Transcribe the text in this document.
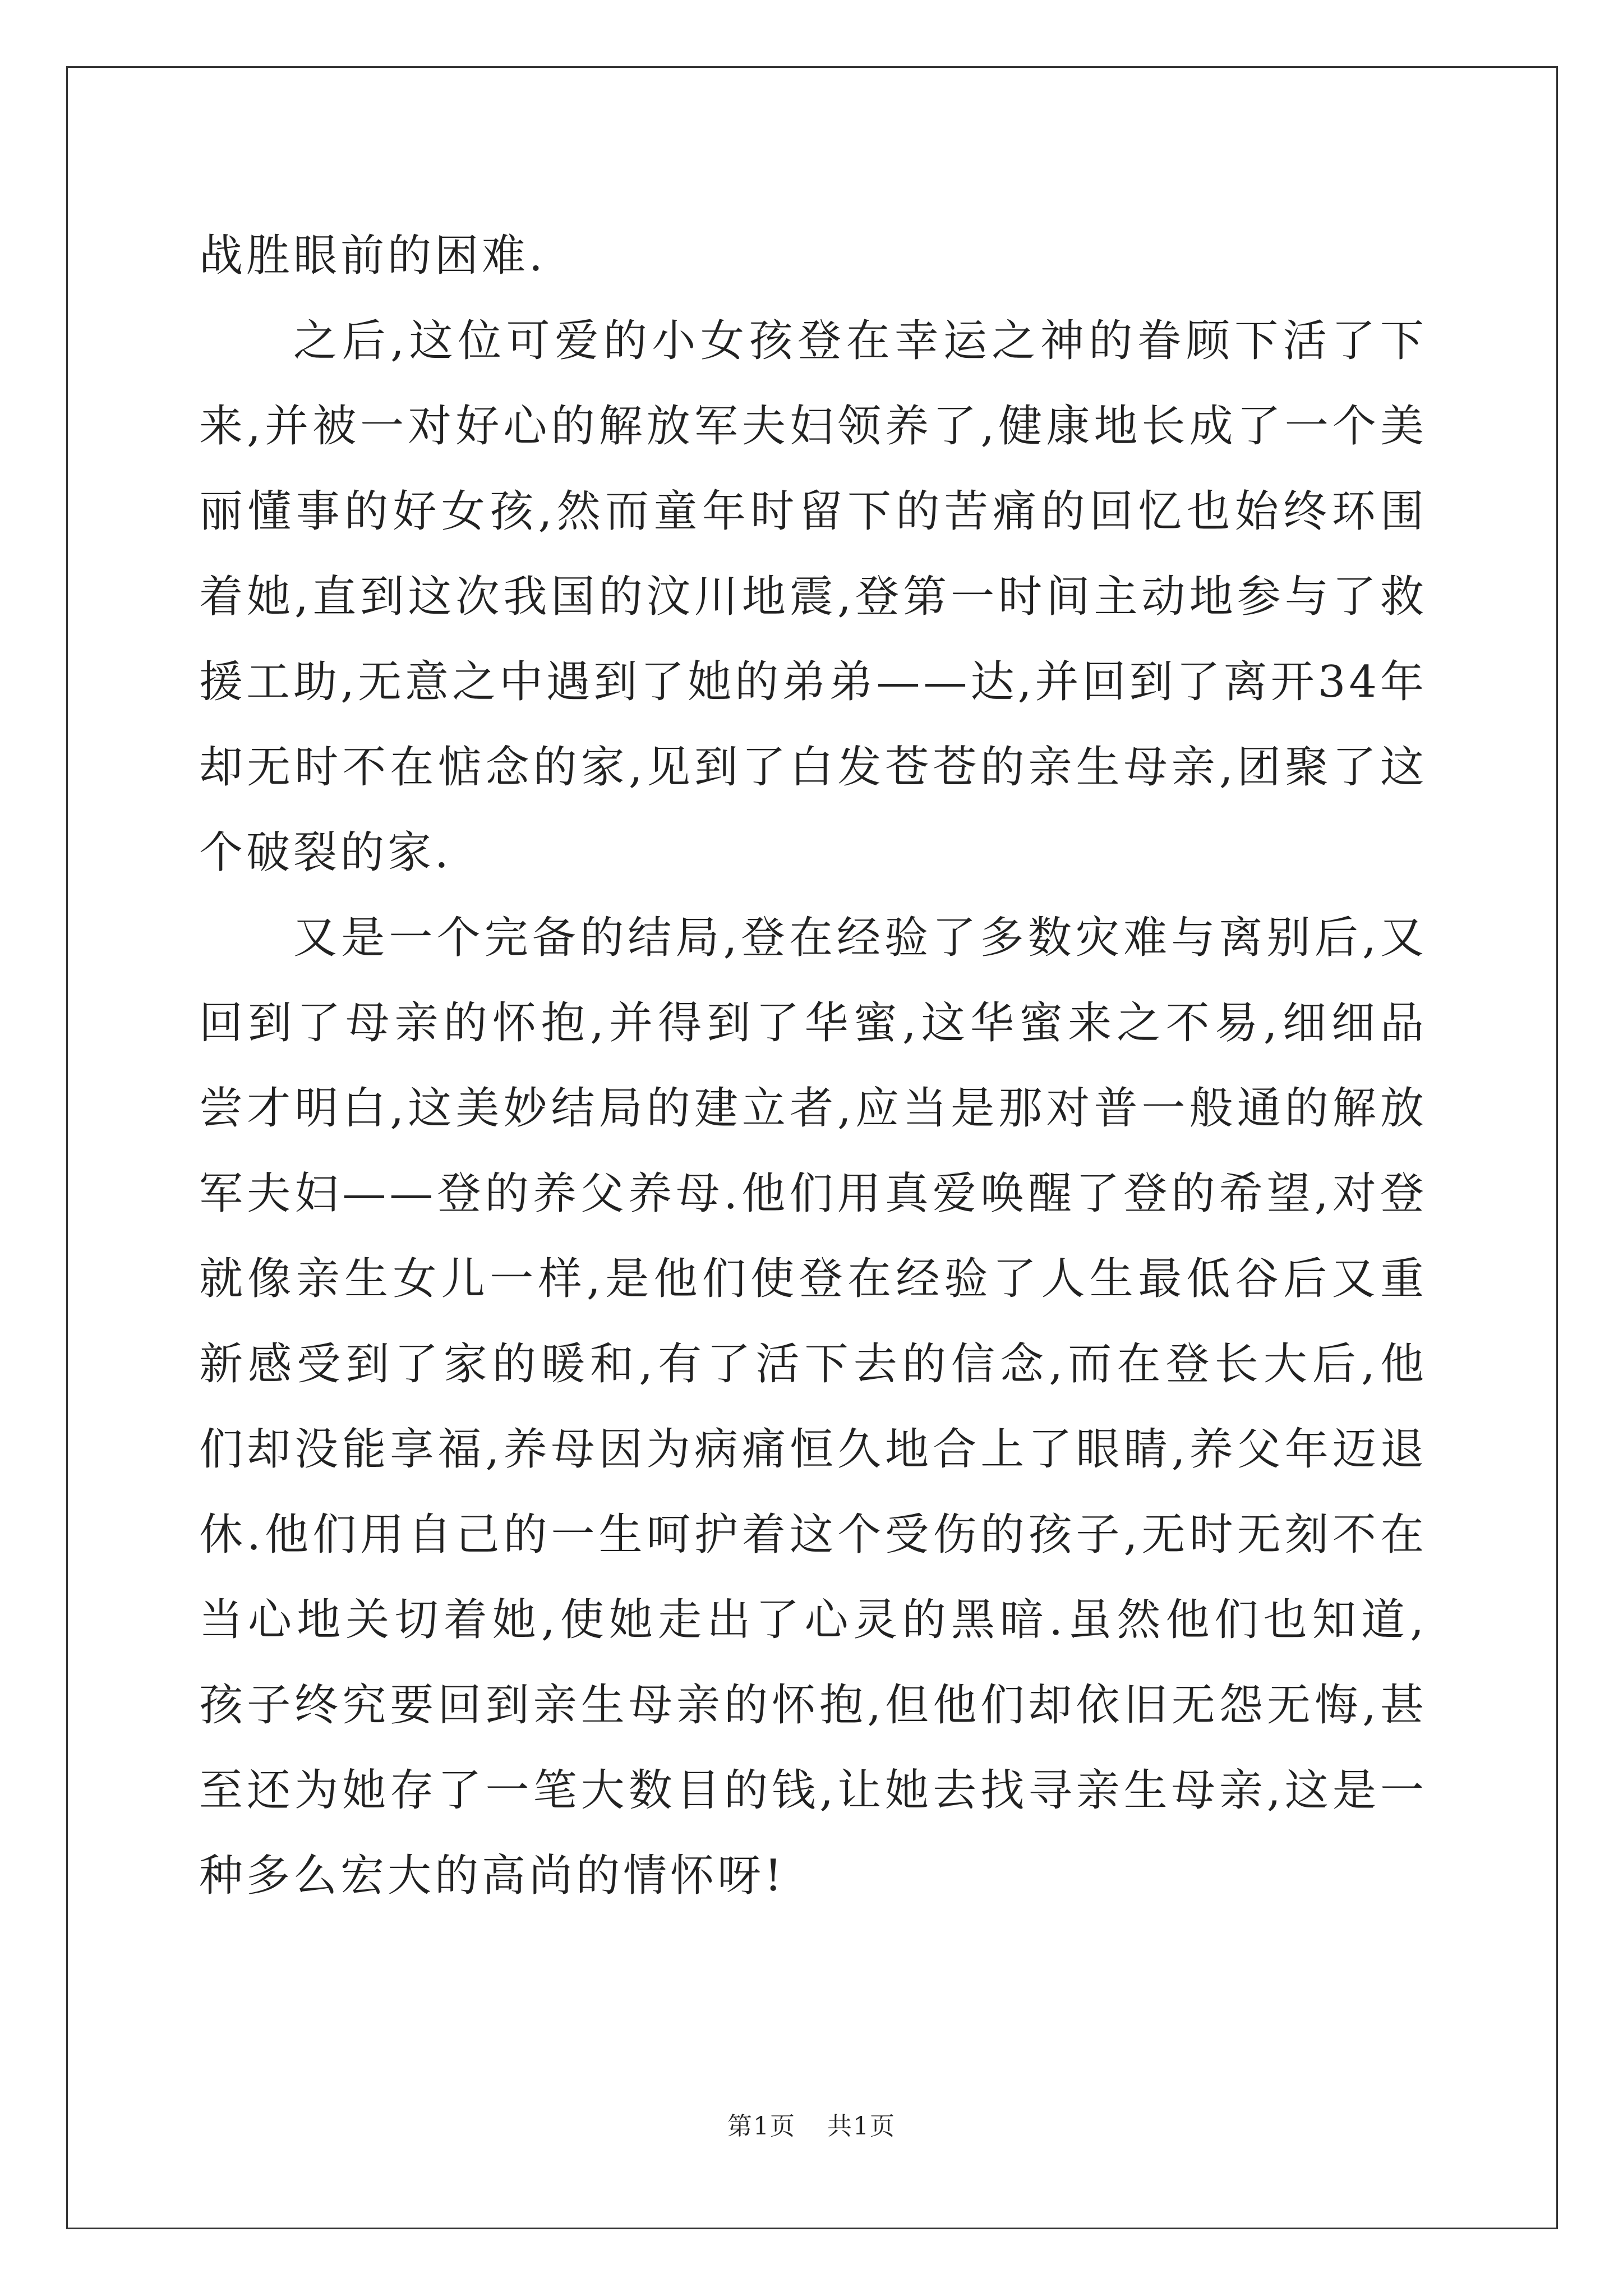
战胜眼前的困难.

之后,这位可爱的小女孩登在幸运之神的眷顾下活了下来,并被一对好心的解放军夫妇领养了,健康地长成了一个美丽懂事的好女孩,然而童年时留下的苦痛的回忆也始终环围着她,直到这次我国的汶川地震,登第一时间主动地参与了救援工助,无意之中遇到了她的弟弟——达,并回到了离开34年却无时不在惦念的家,见到了白发苍苍的亲生母亲,团聚了这个破裂的家.

又是一个完备的结局,登在经验了多数灾难与离别后,又回到了母亲的怀抱,并得到了华蜜,这华蜜来之不易,细细品尝才明白,这美妙结局的建立者,应当是那对普一般通的解放军夫妇——登的养父养母.他们用真爱唤醒了登的希望,对登就像亲生女儿一样,是他们使登在经验了人生最低谷后又重新感受到了家的暖和,有了活下去的信念,而在登长大后,他们却没能享福,养母因为病痛恒久地合上了眼睛,养父年迈退休.他们用自己的一生呵护着这个受伤的孩子,无时无刻不在当心地关切着她,使她走出了心灵的黑暗.虽然他们也知道,孩子终究要回到亲生母亲的怀抱,但他们却依旧无怨无悔,甚至还为她存了一笔大数目的钱,让她去找寻亲生母亲,这是一种多么宏大的高尚的情怀呀!

第1页 共1页
